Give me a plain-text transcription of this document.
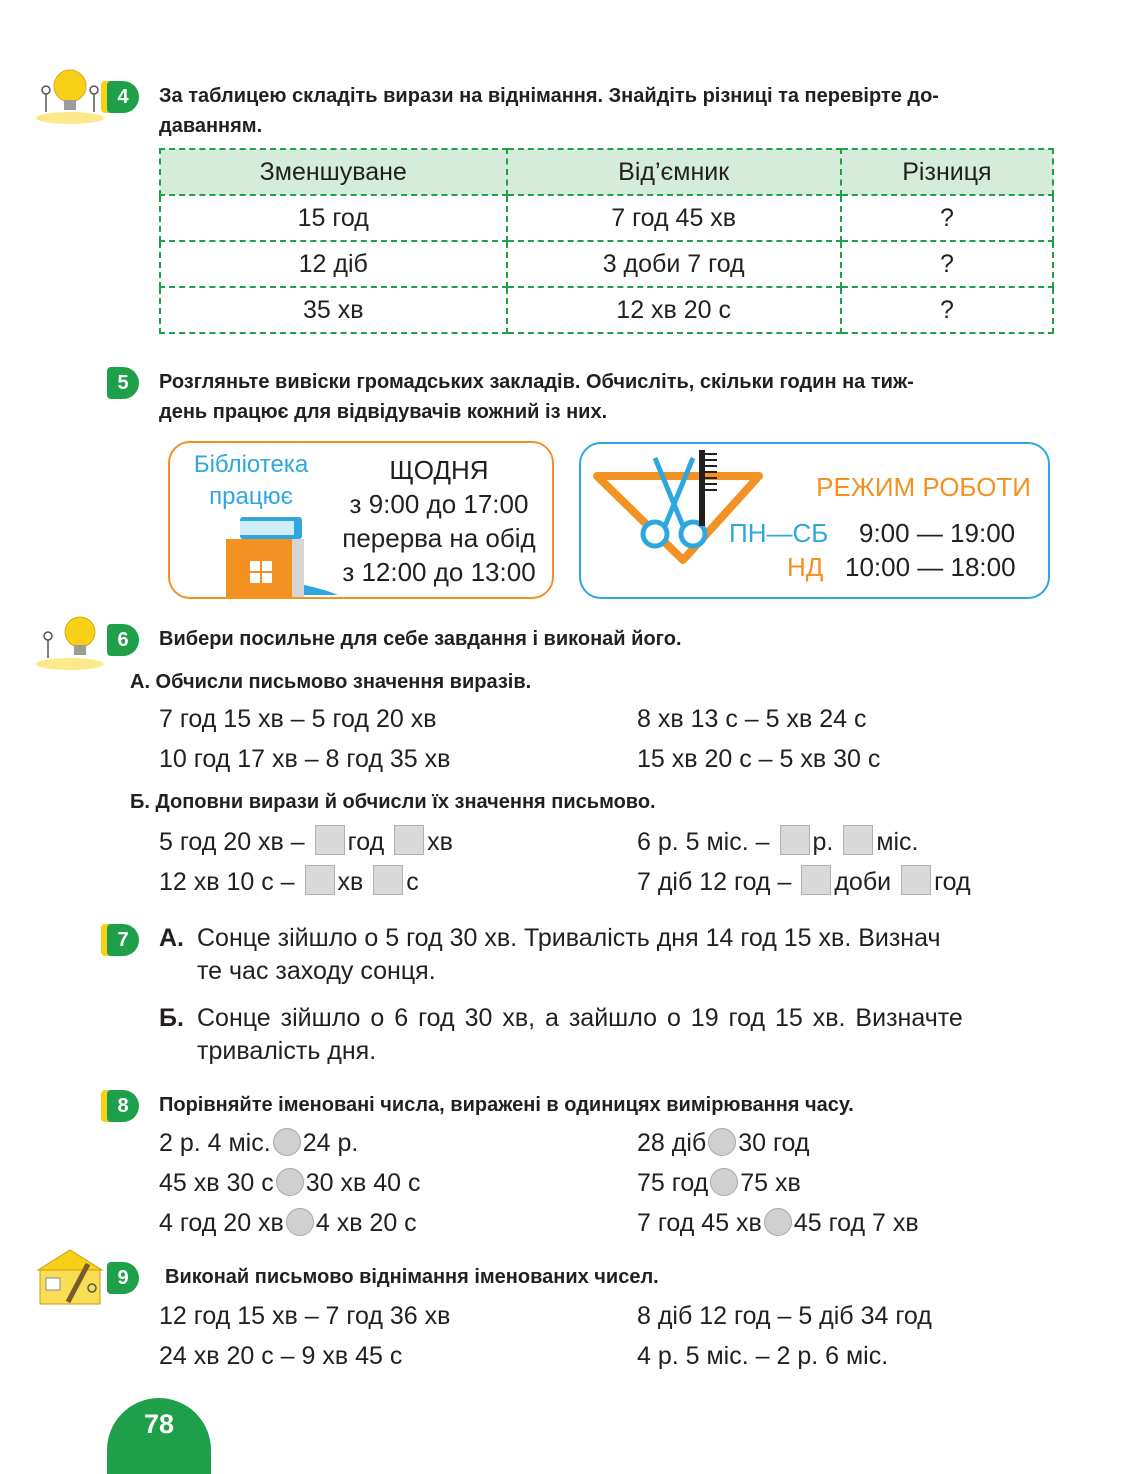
4	За таблицею складіть вирази на віднімання. Знайдіть різниці та перевірте до-
даванням.
Зменшуване	Від’ємник	Різниця
15 год	7 год 45 хв	?
12 діб	3 доби 7 год	?
35 хв	12 хв 20 с	?
5	Розгляньте вивіски громадських закладів. Обчисліть, скільки годин на тиж-
день працює для відвідувачів кожний із них.
Бібліотека
працює
ЩОДНЯ
з 9:00 до 17:00
перерва на обід
з 12:00 до 13:00
РЕЖИМ РОБОТИ
ПН—СБ 9:00 — 19:00
НД 10:00 — 18:00
6	Вибери посильне для себе завдання і виконай його.
А. Обчисли письмово значення виразів.
7 год 15 хв – 5 год 20 хв
10 год 17 хв – 8 год 35 хв
8 хв 13 с – 5 хв 24 с
15 хв 20 с – 5 хв 30 с
Б. Доповни вирази й обчисли їх значення письмово.
5 год 20 хв – год хв
12 хв 10 с – хв с
6 р. 5 міс. – р. міс.
7 діб 12 год – доби год
7	А. Сонце зійшло о 5 год 30 хв. Тривалість дня 14 год 15 хв. Визнач
те час заходу сонця.
Б. Сонце зійшло о 6 год 30 хв, а зайшло о 19 год 15 хв. Визначте
тривалість дня.
8	Порівняйте іменовані числа, виражені в одиницях вимірювання часу.
2 р. 4 міс. 24 р.
45 хв 30 с 30 хв 40 с
4 год 20 хв 4 хв 20 с
28 діб 30 год
75 год 75 хв
7 год 45 хв 45 год 7 хв
9	Виконай письмово віднімання іменованих чисел.
12 год 15 хв – 7 год 36 хв
24 хв 20 с – 9 хв 45 с
8 діб 12 год – 5 діб 34 год
4 р. 5 міс. – 2 р. 6 міс.
78
